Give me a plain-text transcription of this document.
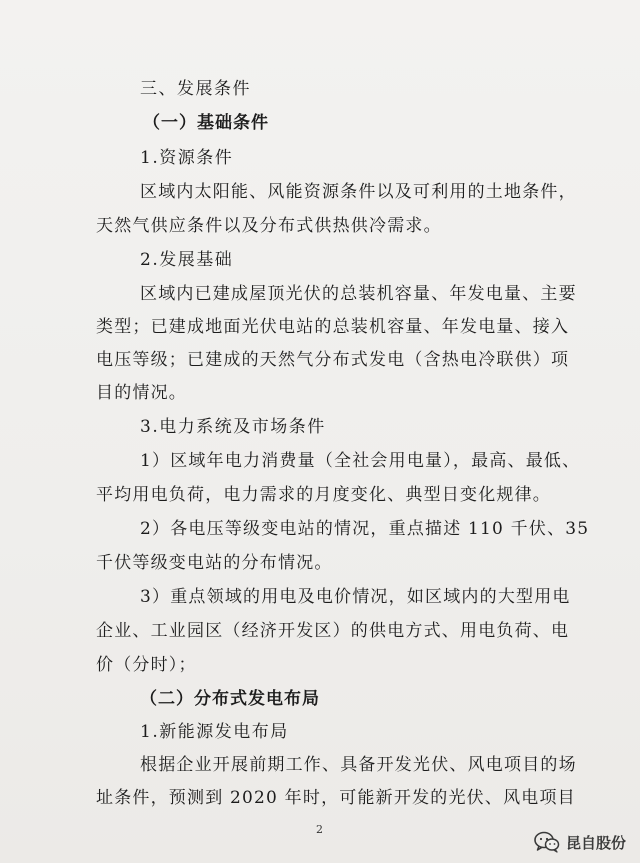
三、发展条件
（一）基础条件
1.资源条件
区域内太阳能、风能资源条件以及可利用的土地条件，
天然气供应条件以及分布式供热供冷需求。
2.发展基础
区域内已建成屋顶光伏的总装机容量、年发电量、主要
类型；已建成地面光伏电站的总装机容量、年发电量、接入
电压等级；已建成的天然气分布式发电（含热电冷联供）项
目的情况。
3.电力系统及市场条件
1）区域年电力消费量（全社会用电量），最高、最低、
平均用电负荷，电力需求的月度变化、典型日变化规律。
2）各电压等级变电站的情况，重点描述 110 千伏、35
千伏等级变电站的分布情况。
3）重点领域的用电及电价情况，如区域内的大型用电
企业、工业园区（经济开发区）的供电方式、用电负荷、电
价（分时）；
（二）分布式发电布局
1.新能源发电布局
根据企业开展前期工作、具备开发光伏、风电项目的场
址条件，预测到 2020 年时，可能新开发的光伏、风电项目
2
昆自股份
